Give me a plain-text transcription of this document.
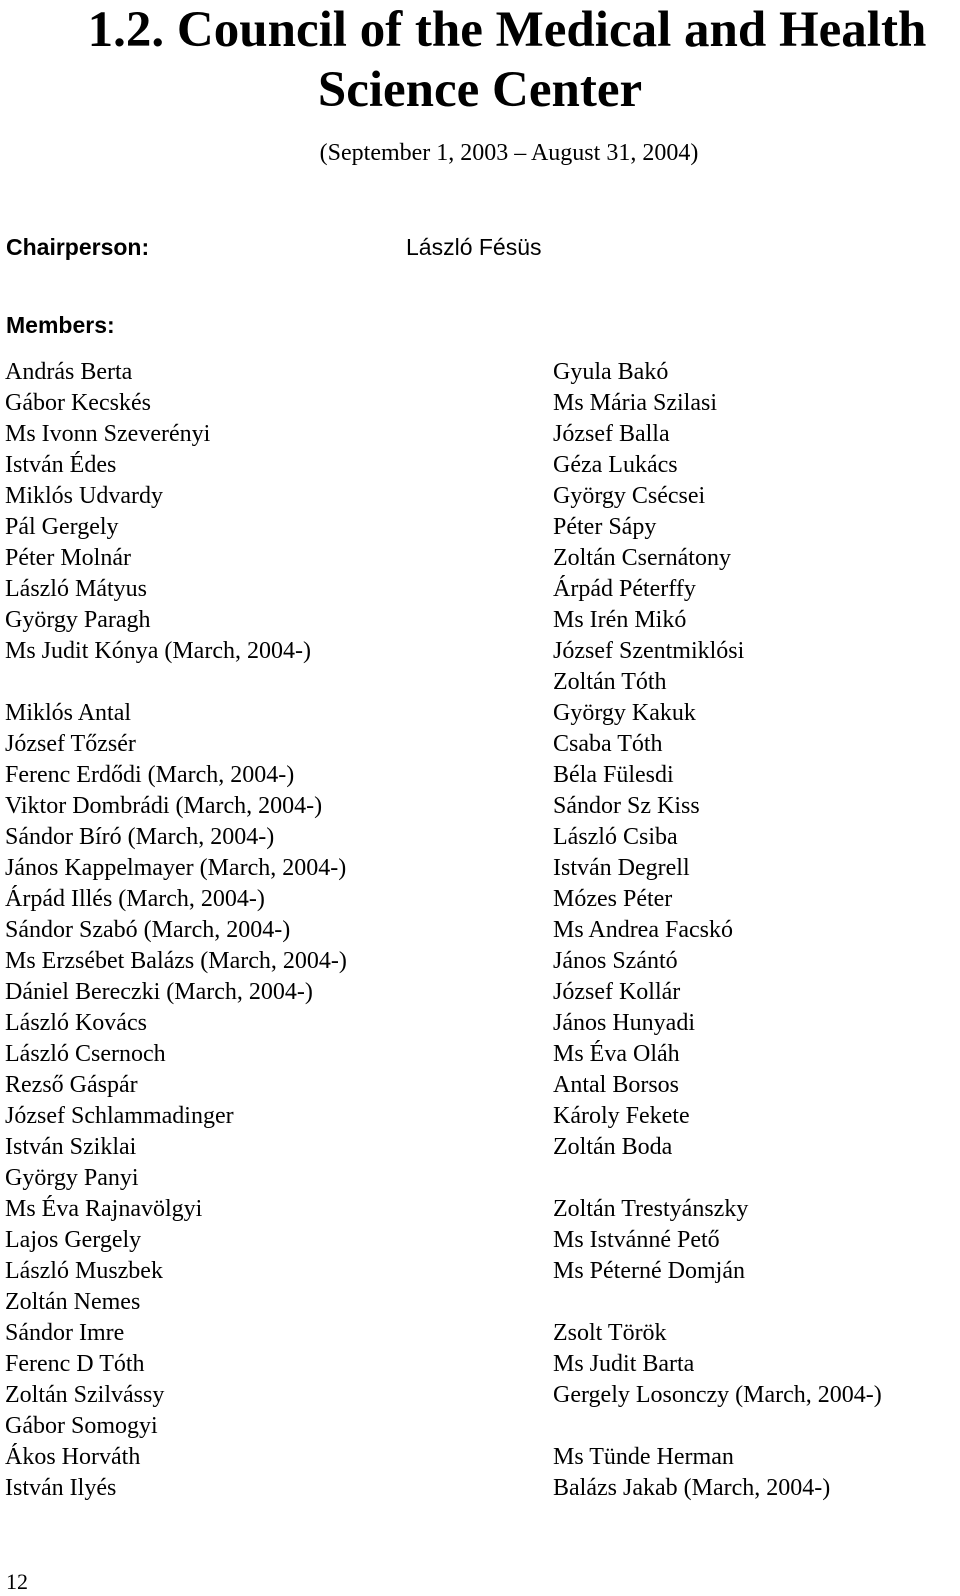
1.2. Council of the Medical and Health
Science Center
(September 1, 2003 – August 31, 2004)
Chairperson:	László Fésüs
Members:
András Berta
Gábor Kecskés
Ms Ivonn Szeverényi
István Édes
Miklós Udvardy
Pál Gergely
Péter Molnár
László Mátyus
György Paragh
Ms Judit Kónya (March, 2004-)
Miklós Antal
József Tőzsér
Ferenc Erdődi (March, 2004-)
Viktor Dombrádi (March, 2004-)
Sándor Bíró (March, 2004-)
János Kappelmayer (March, 2004-)
Árpád Illés (March, 2004-)
Sándor Szabó (March, 2004-)
Ms Erzsébet Balázs (March, 2004-)
Dániel Bereczki (March, 2004-)
László Kovács
László Csernoch
Rezső Gáspár
József Schlammadinger
István Sziklai
György Panyi
Ms Éva Rajnavölgyi
Lajos Gergely
László Muszbek
Zoltán Nemes
Sándor Imre
Ferenc D Tóth
Zoltán Szilvássy
Gábor Somogyi
Ákos Horváth
István Ilyés
Gyula Bakó
Ms Mária Szilasi
József Balla
Géza Lukács
György Csécsei
Péter Sápy
Zoltán Csernátony
Árpád Péterffy
Ms Irén Mikó
József Szentmiklósi
Zoltán Tóth
György Kakuk
Csaba Tóth
Béla Fülesdi
Sándor Sz Kiss
László Csiba
István Degrell
Mózes Péter
Ms Andrea Facskó
János Szántó
József Kollár
János Hunyadi
Ms Éva Oláh
Antal Borsos
Károly Fekete
Zoltán Boda
Zoltán Trestyánszky
Ms Istvánné Pető
Ms Péterné Domján
Zsolt Török
Ms Judit Barta
Gergely Losonczy (March, 2004-)
Ms Tünde Herman
Balázs Jakab (March, 2004-)
12
